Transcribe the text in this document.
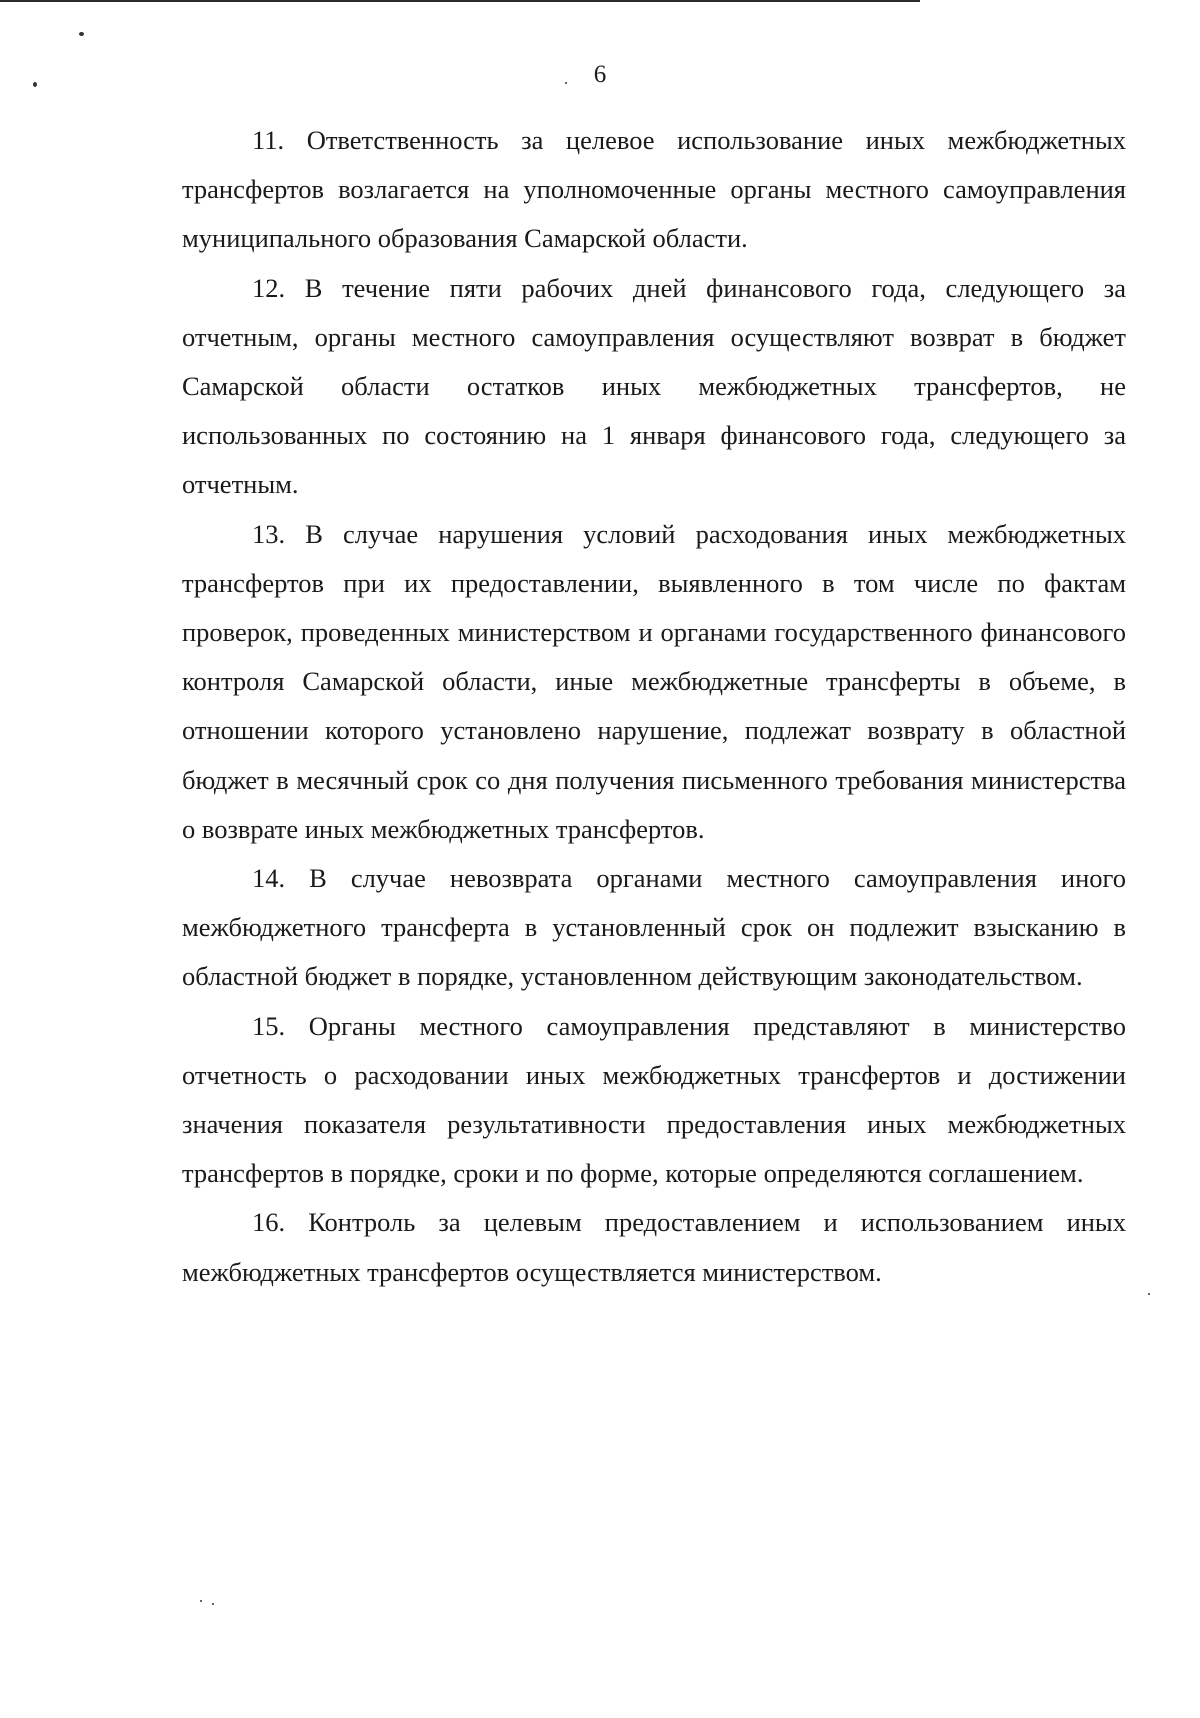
6

11. Ответственность за целевое использование иных межбюджетных трансфертов возлагается на уполномоченные органы местного самоуправления муниципального образования Самарской области.

12. В течение пяти рабочих дней финансового года, следующего за отчетным, органы местного самоуправления осуществляют возврат в бюджет Самарской области остатков иных межбюджетных трансфертов, не использованных по состоянию на 1 января финансового года, следующего за отчетным.

13. В случае нарушения условий расходования иных межбюджетных трансфертов при их предоставлении, выявленного в том числе по фактам проверок, проведенных министерством и органами государственного финансового контроля Самарской области, иные межбюджетные трансферты в объеме, в отношении которого установлено нарушение, подлежат возврату в областной бюджет в месячный срок со дня получения письменного требования министерства о возврате иных межбюджетных трансфертов.

14. В случае невозврата органами местного самоуправления иного межбюджетного трансферта в установленный срок он подлежит взысканию в областной бюджет в порядке, установленном действующим законодательством.

15. Органы местного самоуправления представляют в министерство отчетность о расходовании иных межбюджетных трансфертов и достижении значения показателя результативности предоставления иных межбюджетных трансфертов в порядке, сроки и по форме, которые определяются соглашением.

16. Контроль за целевым предоставлением и использованием иных межбюджетных трансфертов осуществляется министерством.
